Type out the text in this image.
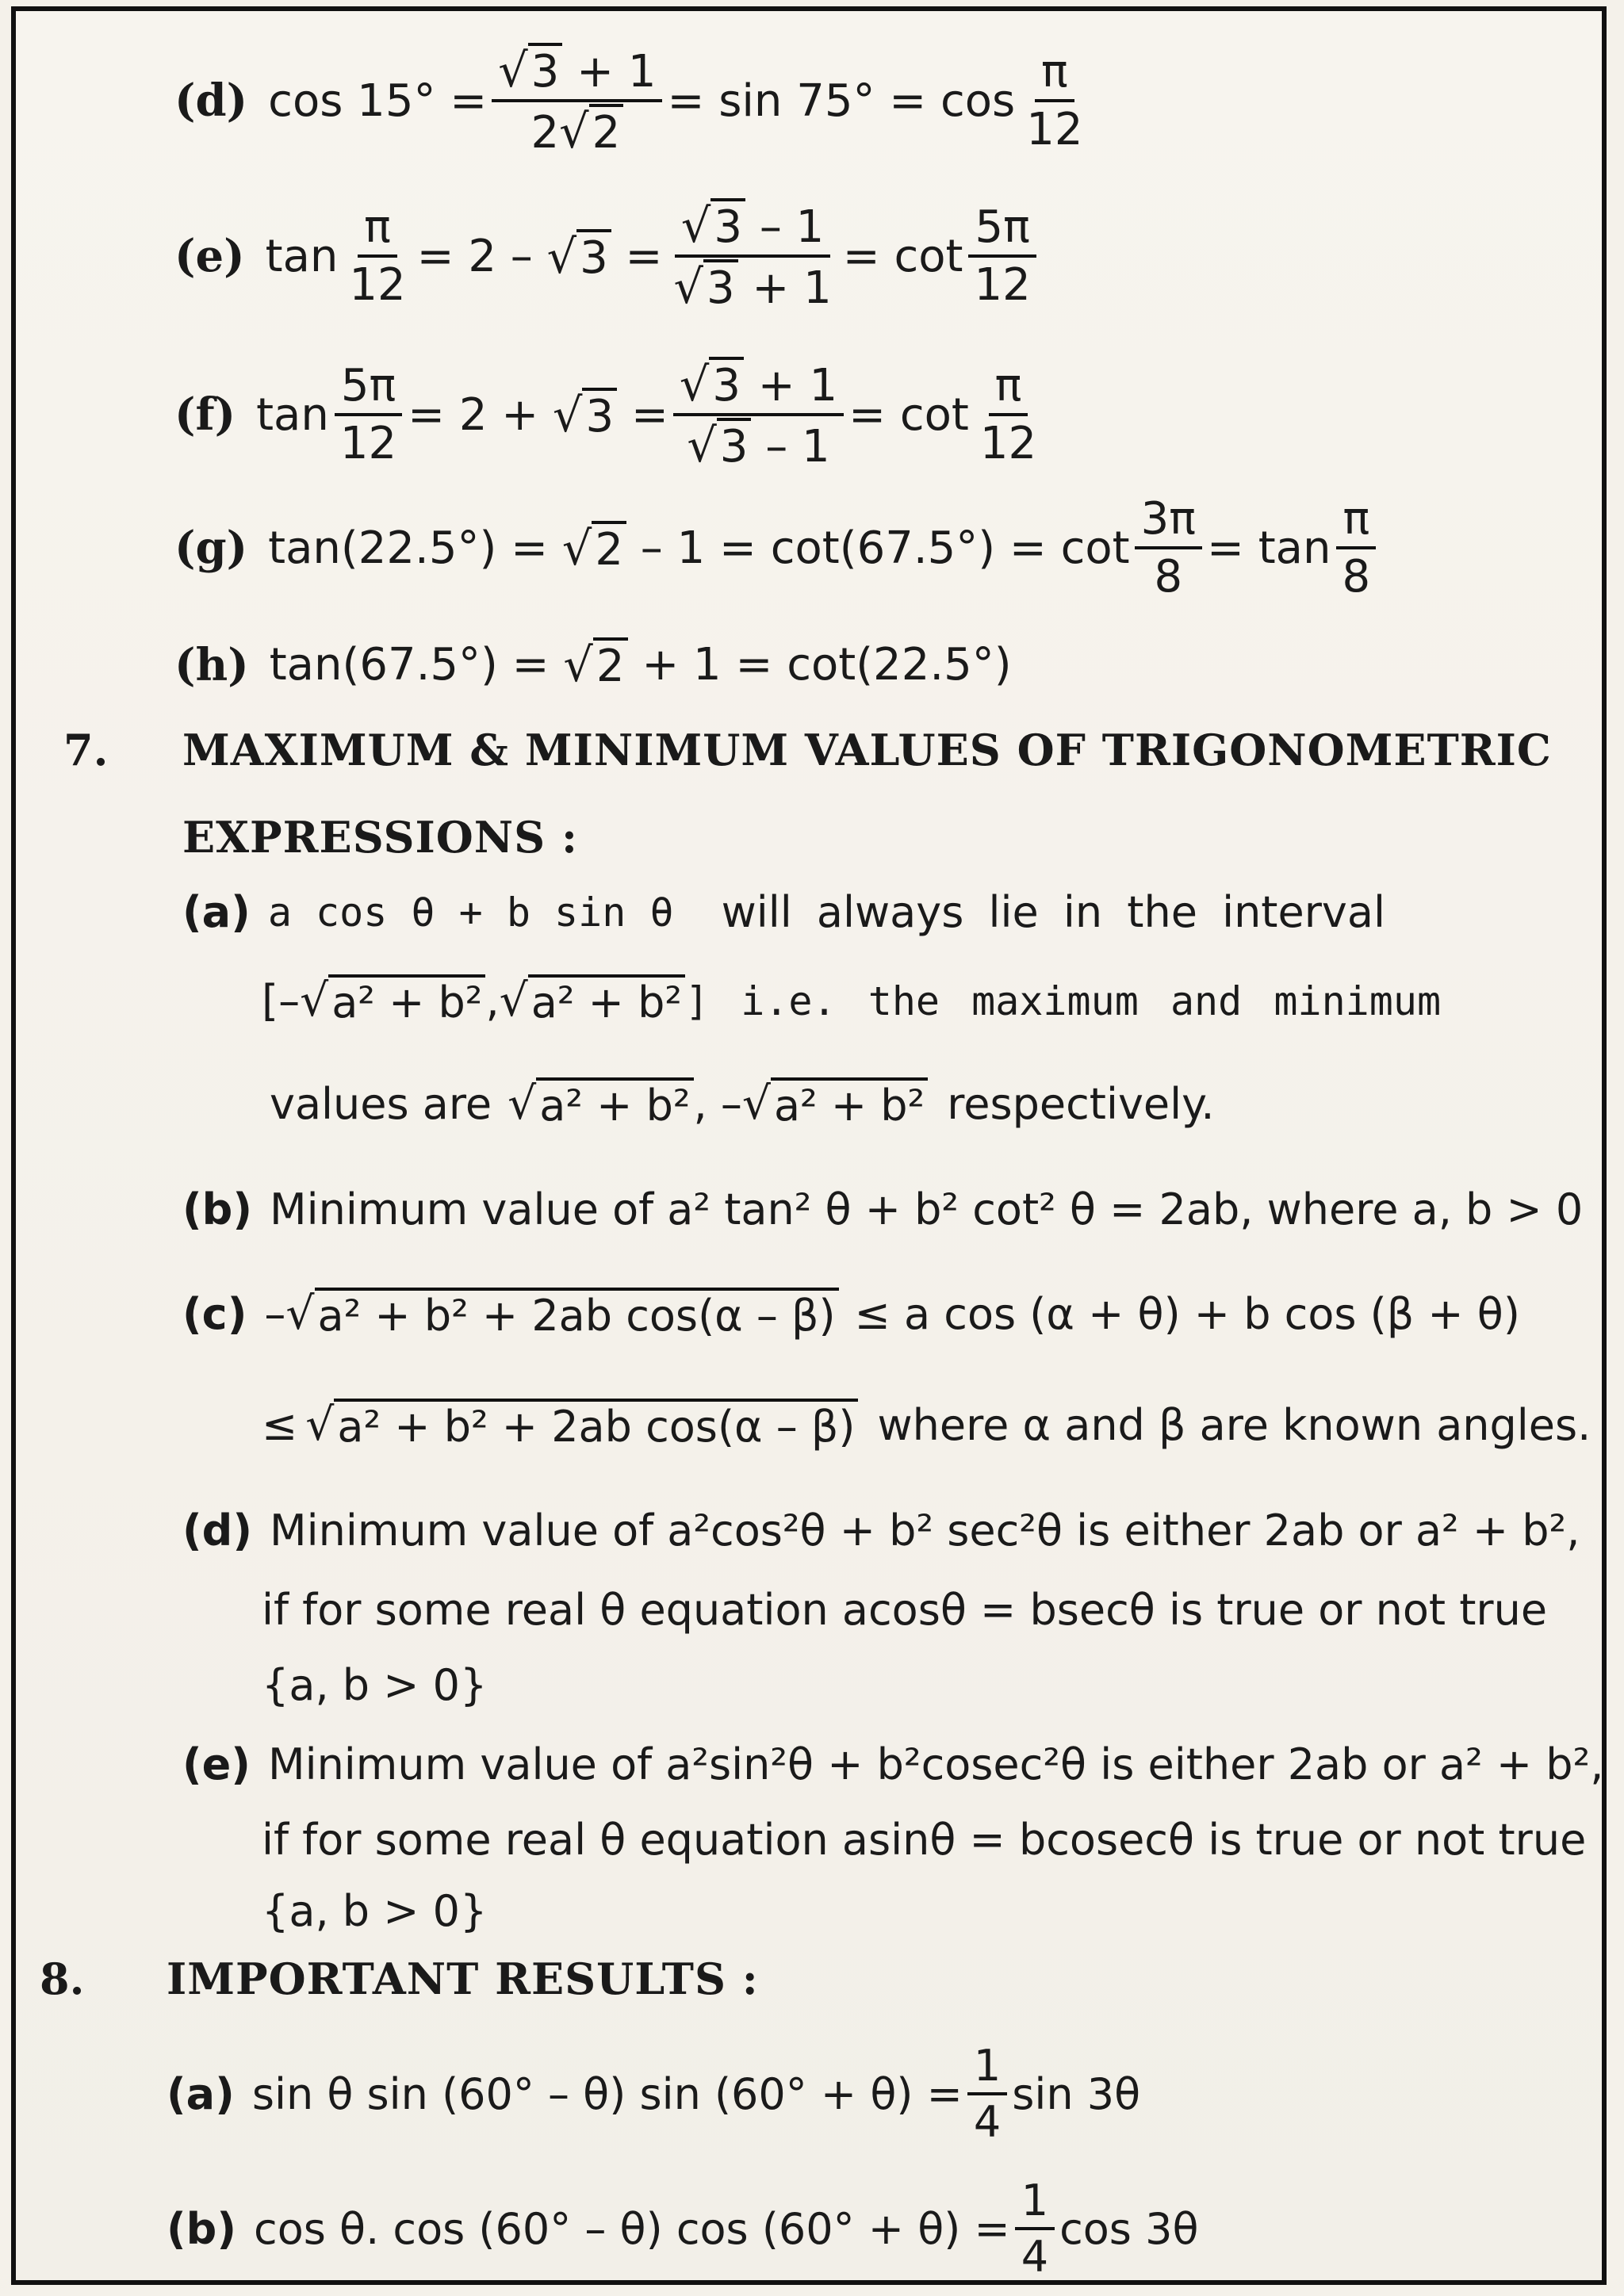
(d) $\cos 15^\circ = \frac{√ 3 + 1}{2 √ 2} = \sin 75^\circ = \cos \frac{\pi}{12}$
(e) $\tan \frac{\pi}{12} = 2$ –
√ 3
= $\frac{√ 3 - 1}{√ 3 + 1} = \cot \frac{5\pi}{12}$
(f) $\tan \frac{5\pi}{12} = 2$ +
√ 3
= $\frac{√ 3 + 1}{√ 3 - 1} = \cot \frac{\pi}{12}$
(g) tan(22.5°) =
√ 2
– $1 = \cot(67.5^\circ) = \cot \frac{3\pi}{8} = \tan \frac{\pi}{8}$
(h) tan(67.5°) =
√ 2
+ 1 = cot(22.5°)
7. MAXIMUM & MINIMUM VALUES OF TRIGONOMETRIC
EXPRESSIONS :
(a) a cos θ + b sin θ will always lie in the interval
[– √ a² + b² , √ a² + b² ] i.e. the maximum and minimum
values are √ a² + b² , – √ a² + b² respectively.
(b) Minimum value of a² tan² θ + b² cot² θ = 2ab, where a, b > 0
(c) – √ a² + b² + 2ab cos(α – β) ≤ a cos (α + θ) + b cos (β + θ)
≤ √ a² + b² + 2ab cos(α – β) where α and β are known angles.
(d) Minimum value of a²cos²θ + b² sec²θ is either 2ab or a² + b²,
if for some real θ equation acosθ = bsecθ is true or not true
{a, b > 0}
(e) Minimum value of a²sin²θ + b²cosec²θ is either 2ab or a² + b²,
if for some real θ equation asinθ = bcosecθ is true or not true
{a, b > 0}
8. IMPORTANT RESULTS :
(a) sin θ sin (60° – θ) $\sin (60^\circ + \theta) = \frac{1}{4}$ sin 3θ
(b) cos θ. cos (60° – θ) $\cos (60^\circ + \theta) = \frac{1}{4}$ cos 3θ
